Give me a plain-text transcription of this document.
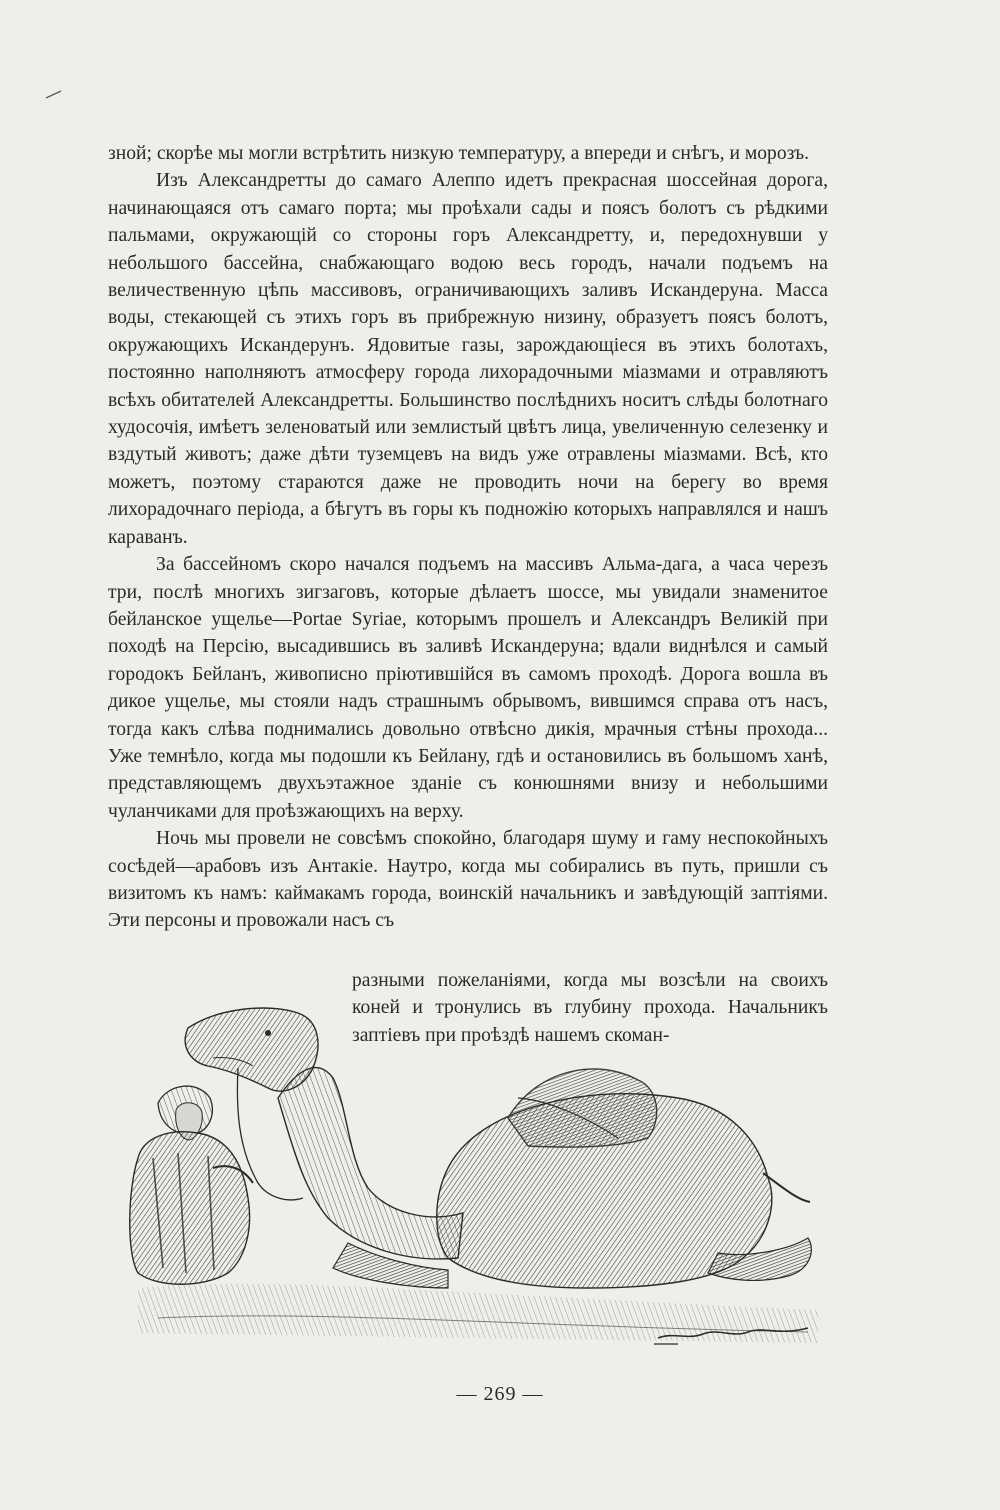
зной; скорѣе мы могли встрѣтить низкую температуру, а впереди и снѣгъ, и морозъ.

Изъ Александретты до самаго Алеппо идетъ прекрасная шоссейная дорога, начинающаяся отъ самаго порта; мы проѣхали сады и поясъ болотъ съ рѣдкими пальмами, окружающій со стороны горъ Александретту, и, передохнувши у небольшого бассейна, снабжающаго водою весь городъ, начали подъемъ на величественную цѣпь массивовъ, ограничивающихъ заливъ Искандеруна. Масса воды, стекающей съ этихъ горъ въ прибрежную низину, образуетъ поясъ болотъ, окружающихъ Искандерунъ. Ядовитые газы, зарождающіеся въ этихъ болотахъ, постоянно наполняютъ атмосферу города лихорадочными міазмами и отравляютъ всѣхъ обитателей Александретты. Большинство послѣднихъ носитъ слѣды болотнаго худосочія, имѣетъ зеленоватый или землистый цвѣтъ лица, увеличенную селезенку и вздутый животъ; даже дѣти туземцевъ на видъ уже отравлены міазмами. Всѣ, кто можетъ, поэтому стараются даже не проводить ночи на берегу во время лихорадочнаго періода, а бѣгутъ въ горы къ подножію которыхъ направлялся и нашъ караванъ.

За бассейномъ скоро начался подъемъ на массивъ Альма-дага, а часа черезъ три, послѣ многихъ зигзаговъ, которые дѣлаетъ шоссе, мы увидали знаменитое бейланское ущелье—Portae Syriae, которымъ прошелъ и Александръ Великій при походѣ на Персію, высадившись въ заливѣ Искандеруна; вдали виднѣлся и самый городокъ Бейланъ, живописно пріютившійся въ самомъ проходѣ. Дорога вошла въ дикое ущелье, мы стояли надъ страшнымъ обрывомъ, вившимся справа отъ насъ, тогда какъ слѣва поднимались довольно отвѣсно дикія, мрачныя стѣны прохода... Уже темнѣло, когда мы подошли къ Бейлану, гдѣ и остановились въ большомъ ханѣ, представляющемъ двухъэтажное зданіе съ конюшнями внизу и небольшими чуланчиками для проѣзжающихъ на верху.

Ночь мы провели не совсѣмъ спокойно, благодаря шуму и гаму неспокойныхъ сосѣдей—арабовъ изъ Антакіе. Наутро, когда мы собирались въ путь, пришли съ визитомъ къ намъ: каймакамъ города, воинскій начальникъ и завѣдующій заптіями. Эти персоны и провожали насъ съ

разными пожеланіями, когда мы возсѣли на своихъ коней и тронулись въ глубину прохода. Начальникъ заптіевъ при проѣздѣ нашемъ скоман-

— 269 —
